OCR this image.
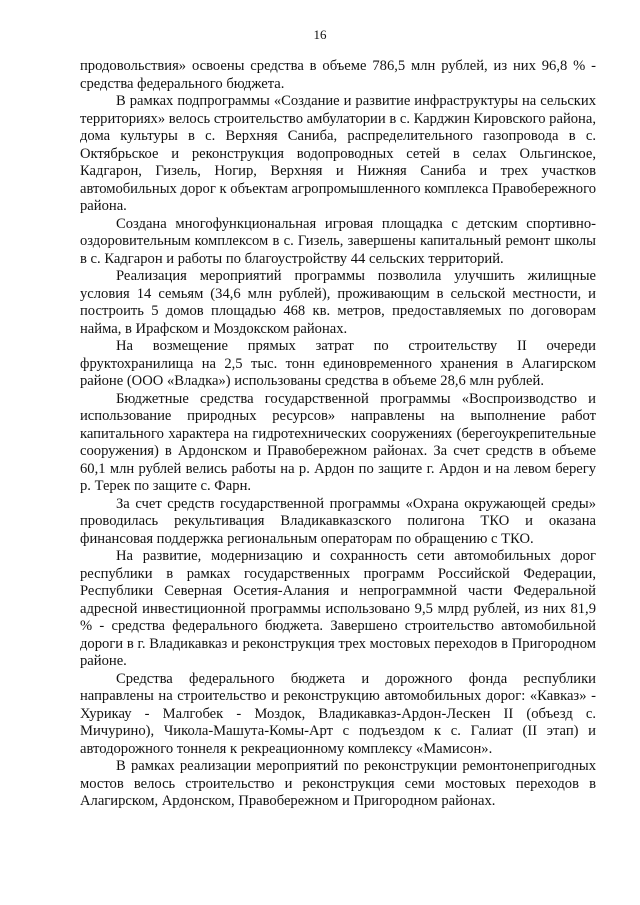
16

продовольствия» освоены средства в объеме 786,5 млн рублей, из них 96,8 % - средства федерального бюджета.

В рамках подпрограммы «Создание и развитие инфраструктуры на сельских территориях» велось строительство амбулатории в с. Карджин Кировского района, дома культуры в с. Верхняя Саниба, распределительного газопровода в с. Октябрьское и реконструкция водопроводных сетей в селах Ольгинское, Кадгарон, Гизель, Ногир, Верхняя и Нижняя Саниба и трех участков автомобильных дорог к объектам агропромышленного комплекса Правобережного района.

Создана многофункциональная игровая площадка с детским спортивно-оздоровительным комплексом в с. Гизель, завершены капитальный ремонт школы в с. Кадгарон и работы по благоустройству 44 сельских территорий.

Реализация мероприятий программы позволила улучшить жилищные условия 14 семьям (34,6 млн рублей), проживающим в сельской местности, и построить 5 домов площадью 468 кв. метров, предоставляемых по договорам найма, в Ирафском и Моздокском районах.

На возмещение прямых затрат по строительству II очереди фруктохранилища на 2,5 тыс. тонн единовременного хранения в Алагирском районе (ООО «Владка») использованы средства в объеме 28,6 млн рублей.

Бюджетные средства государственной программы «Воспроизводство и использование природных ресурсов» направлены на выполнение работ капитального характера на гидротехнических сооружениях (берегоукрепительные сооружения) в Ардонском и Правобережном районах. За счет средств в объеме 60,1 млн рублей велись работы на р. Ардон по защите г. Ардон и на левом берегу р. Терек по защите с. Фарн.

За счет средств государственной программы «Охрана окружающей среды» проводилась рекультивация Владикавказского полигона ТКО и оказана финансовая поддержка региональным операторам по обращению с ТКО.

На развитие, модернизацию и сохранность сети автомобильных дорог республики в рамках государственных программ Российской Федерации, Республики Северная Осетия-Алания и непрограммной части Федеральной адресной инвестиционной программы использовано 9,5 млрд рублей, из них 81,9 % - средства федерального бюджета. Завершено строительство автомобильной дороги в г. Владикавказ и реконструкция трех мостовых переходов в Пригородном районе.

Средства федерального бюджета и дорожного фонда республики направлены на строительство и реконструкцию автомобильных дорог: «Кавказ» - Хурикау - Малгобек - Моздок, Владикавказ-Ардон-Лескен II (объезд с. Мичурино), Чикола-Машута-Комы-Арт с подъездом к с. Галиат (II этап) и автодорожного тоннеля к рекреационному комплексу «Мамисон».

В рамках реализации мероприятий по реконструкции ремонтонепригодных мостов велось строительство и реконструкция семи мостовых переходов в Алагирском, Ардонском, Правобережном и Пригородном районах.
